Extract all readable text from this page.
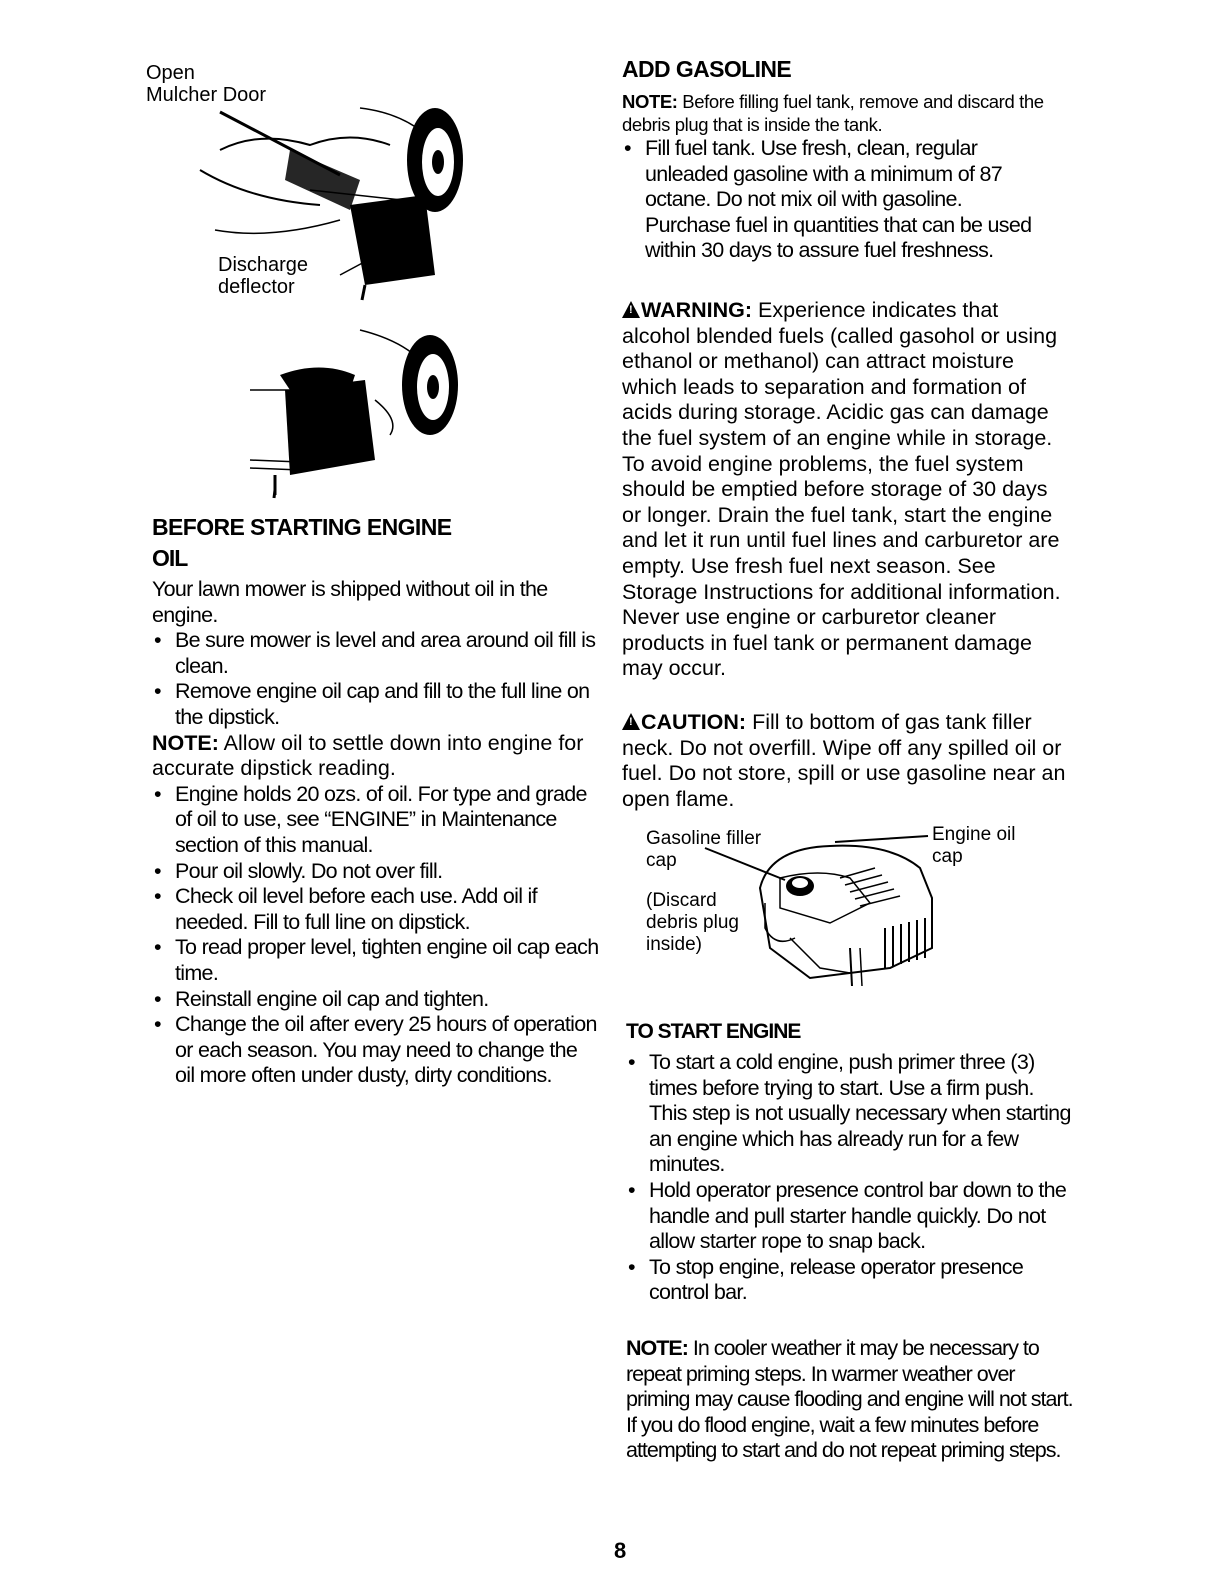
Open
Mulcher Door
Discharge
deflector
BEFORE STARTING ENGINE
OIL
Your lawn mower is shipped without oil in the engine.
• Be sure mower is level and area around oil fill is clean.
• Remove engine oil cap and fill to the full line on the dipstick.
NOTE: Allow oil to settle down into engine for accurate dipstick reading.
• Engine holds 20 ozs. of oil. For type and grade of oil to use, see “ENGINE” in Maintenance section of this manual.
• Pour oil slowly. Do not over fill.
• Check oil level before each use. Add oil if needed. Fill to full line on dipstick.
• To read proper level, tighten engine oil cap each time.
• Reinstall engine oil cap and tighten.
• Change the oil after every 25 hours of operation or each season. You may need to change the oil more often under dusty, dirty conditions.
ADD GASOLINE
NOTE: Before filling fuel tank, remove and discard the debris plug that is inside the tank.
• Fill fuel tank. Use fresh, clean, regular unleaded gasoline with a minimum of 87 octane. Do not mix oil with gasoline. Purchase fuel in quantities that can be used within 30 days to assure fuel freshness.
!WARNING: Experience indicates that alcohol blended fuels (called gasohol or using ethanol or methanol) can attract moisture which leads to separation and formation of acids during storage. Acidic gas can damage the fuel system of an engine while in storage. To avoid engine problems, the fuel system should be emptied before storage of 30 days or longer. Drain the fuel tank, start the engine and let it run until fuel lines and carburetor are empty. Use fresh fuel next season. See Storage Instructions for additional information. Never use engine or carburetor cleaner products in fuel tank or permanent damage may occur.
!CAUTION: Fill to bottom of gas tank filler neck. Do not overfill. Wipe off any spilled oil or fuel. Do not store, spill or use gasoline near an open flame.
Gasoline filler
cap
Engine oil
cap
(Discard
debris plug
inside)
TO START ENGINE
• To start a cold engine, push primer three (3) times before trying to start. Use a firm push. This step is not usually necessary when starting an engine which has already run for a few minutes.
• Hold operator presence control bar down to the handle and pull starter handle quickly. Do not allow starter rope to snap back.
• To stop engine, release operator presence control bar.
NOTE: In cooler weather it may be necessary to repeat priming steps. In warmer weather over priming may cause flooding and engine will not start. If you do flood engine, wait a few minutes before attempting to start and do not repeat priming steps.
8
